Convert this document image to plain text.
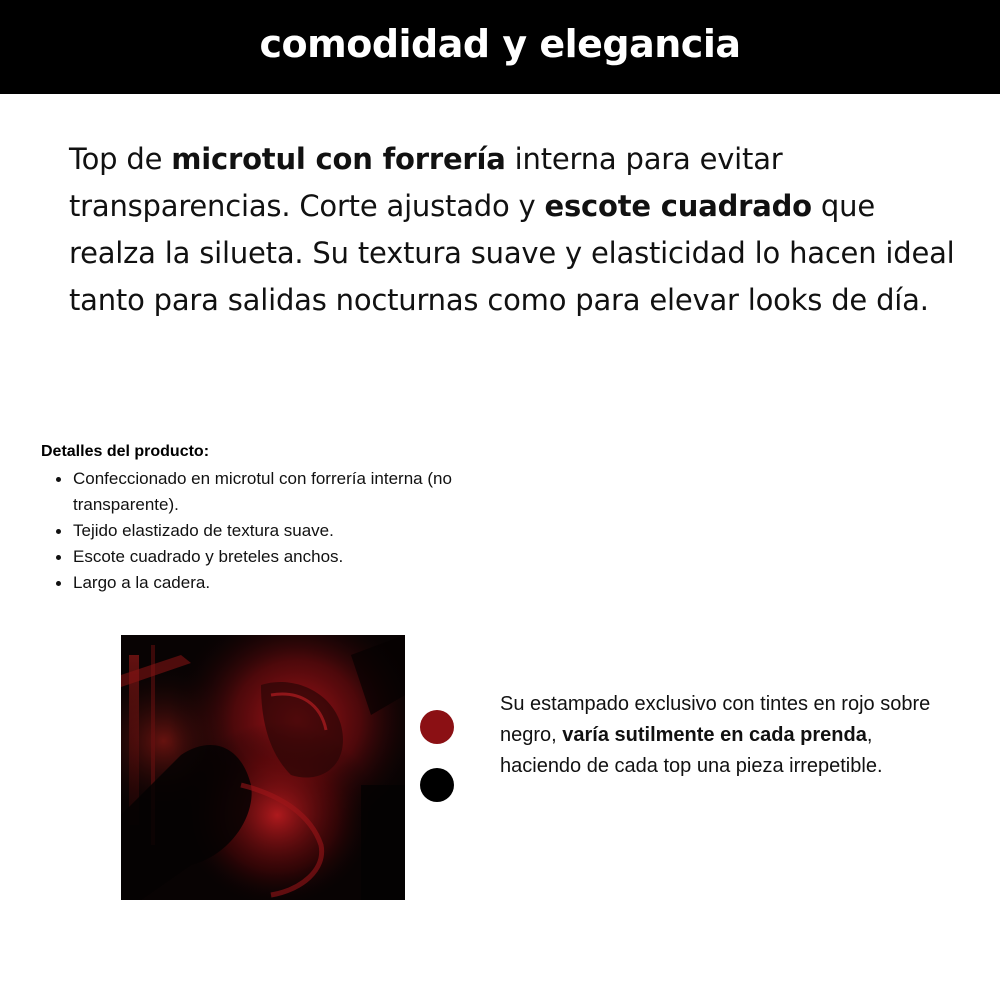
comodidad y elegancia

Top de microtul con forrería interna para evitar transparencias. Corte ajustado y escote cuadrado que realza la silueta. Su textura suave y elasticidad lo hacen ideal tanto para salidas nocturnas como para elevar looks de día.

Detalles del producto:

Confeccionado en microtul con forrería interna (no transparente).
Tejido elastizado de textura suave.
Escote cuadrado y breteles anchos.
Largo a la cadera.

Su estampado exclusivo con tintes en rojo sobre negro, varía sutilmente en cada prenda, haciendo de cada top una pieza irrepetible.
